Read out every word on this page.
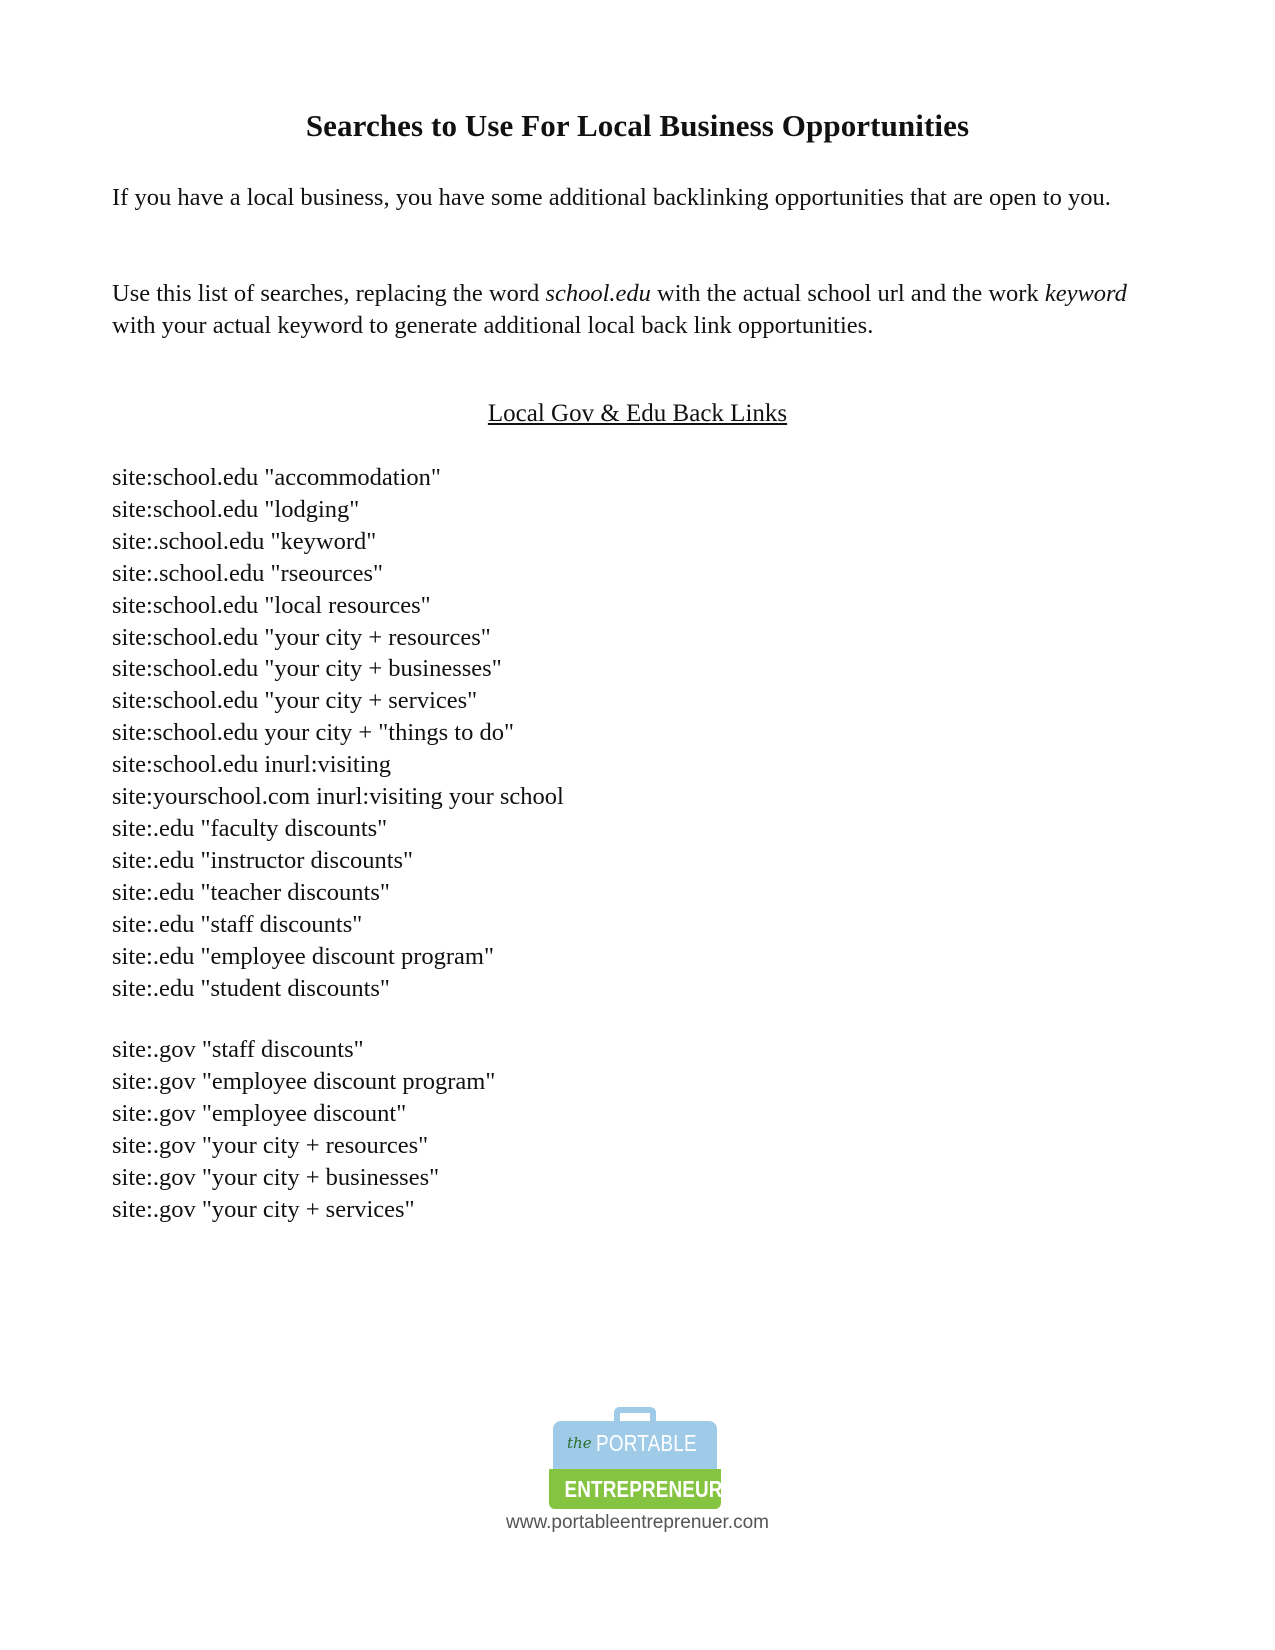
Searches to Use For Local Business Opportunities

If you have a local business, you have some additional backlinking opportunities that are open to you.

Use this list of searches, replacing the word school.edu with the actual school url and the work keyword with your actual keyword to generate additional local back link opportunities.

Local Gov & Edu Back Links
site:school.edu "accommodation"
site:school.edu "lodging"
site:.school.edu "keyword"
site:.school.edu "rseources"
site:school.edu "local resources"
site:school.edu "your city + resources"
site:school.edu "your city + businesses"
site:school.edu "your city + services"
site:school.edu your city + "things to do"
site:school.edu inurl:visiting
site:yourschool.com inurl:visiting your school
site:.edu "faculty discounts"
site:.edu "instructor discounts"
site:.edu "teacher discounts"
site:.edu "staff discounts"
site:.edu "employee discount program"
site:.edu "student discounts"
site:.gov "staff discounts"
site:.gov "employee discount program"
site:.gov "employee discount"
site:.gov "your city + resources"
site:.gov "your city + businesses"
site:.gov "your city + services"
the PORTABLE
ENTREPRENEUR
www.portableentreprenuer.com
